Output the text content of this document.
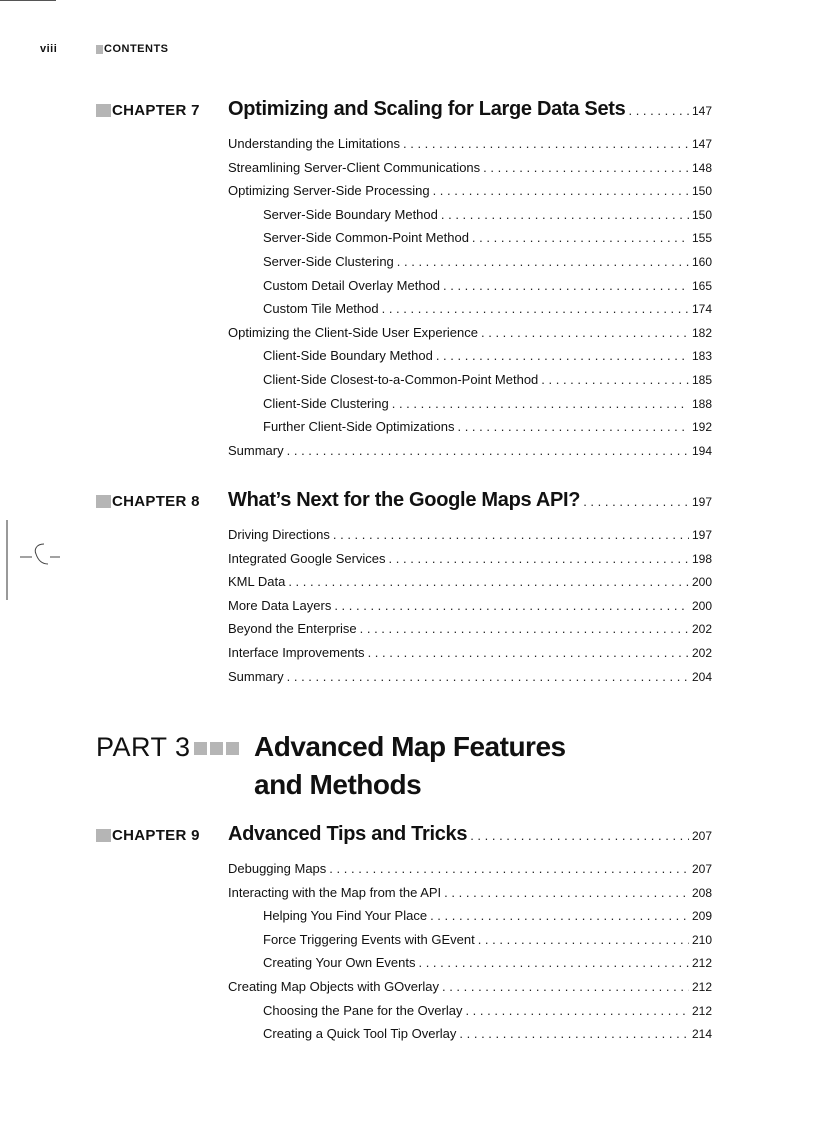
viii	CONTENTS
CHAPTER 7 Optimizing and Scaling for Large Data Sets . . .	147
Understanding the Limitations . . .	147
Streamlining Server-Client Communications . . .	148
Optimizing Server-Side Processing . . .	150
Server-Side Boundary Method . . .	150
Server-Side Common-Point Method . . .	155
Server-Side Clustering . . .	160
Custom Detail Overlay Method . . .	165
Custom Tile Method . . .	174
Optimizing the Client-Side User Experience . . .	182
Client-Side Boundary Method . . .	183
Client-Side Closest-to-a-Common-Point Method . . .	185
Client-Side Clustering . . .	188
Further Client-Side Optimizations . . .	192
Summary . . .	194
CHAPTER 8 What’s Next for the Google Maps API? . . .	197
Driving Directions . . .	197
Integrated Google Services . . .	198
KML Data . . .	200
More Data Layers . . .	200
Beyond the Enterprise . . .	202
Interface Improvements . . .	202
Summary . . .	204
PART 3 Advanced Map Features
and Methods
CHAPTER 9 Advanced Tips and Tricks . . .	207
Debugging Maps . . .	207
Interacting with the Map from the API . . .	208
Helping You Find Your Place . . .	209
Force Triggering Events with GEvent . . .	210
Creating Your Own Events . . .	212
Creating Map Objects with GOverlay . . .	212
Choosing the Pane for the Overlay . . .	212
Creating a Quick Tool Tip Overlay . . .	214
